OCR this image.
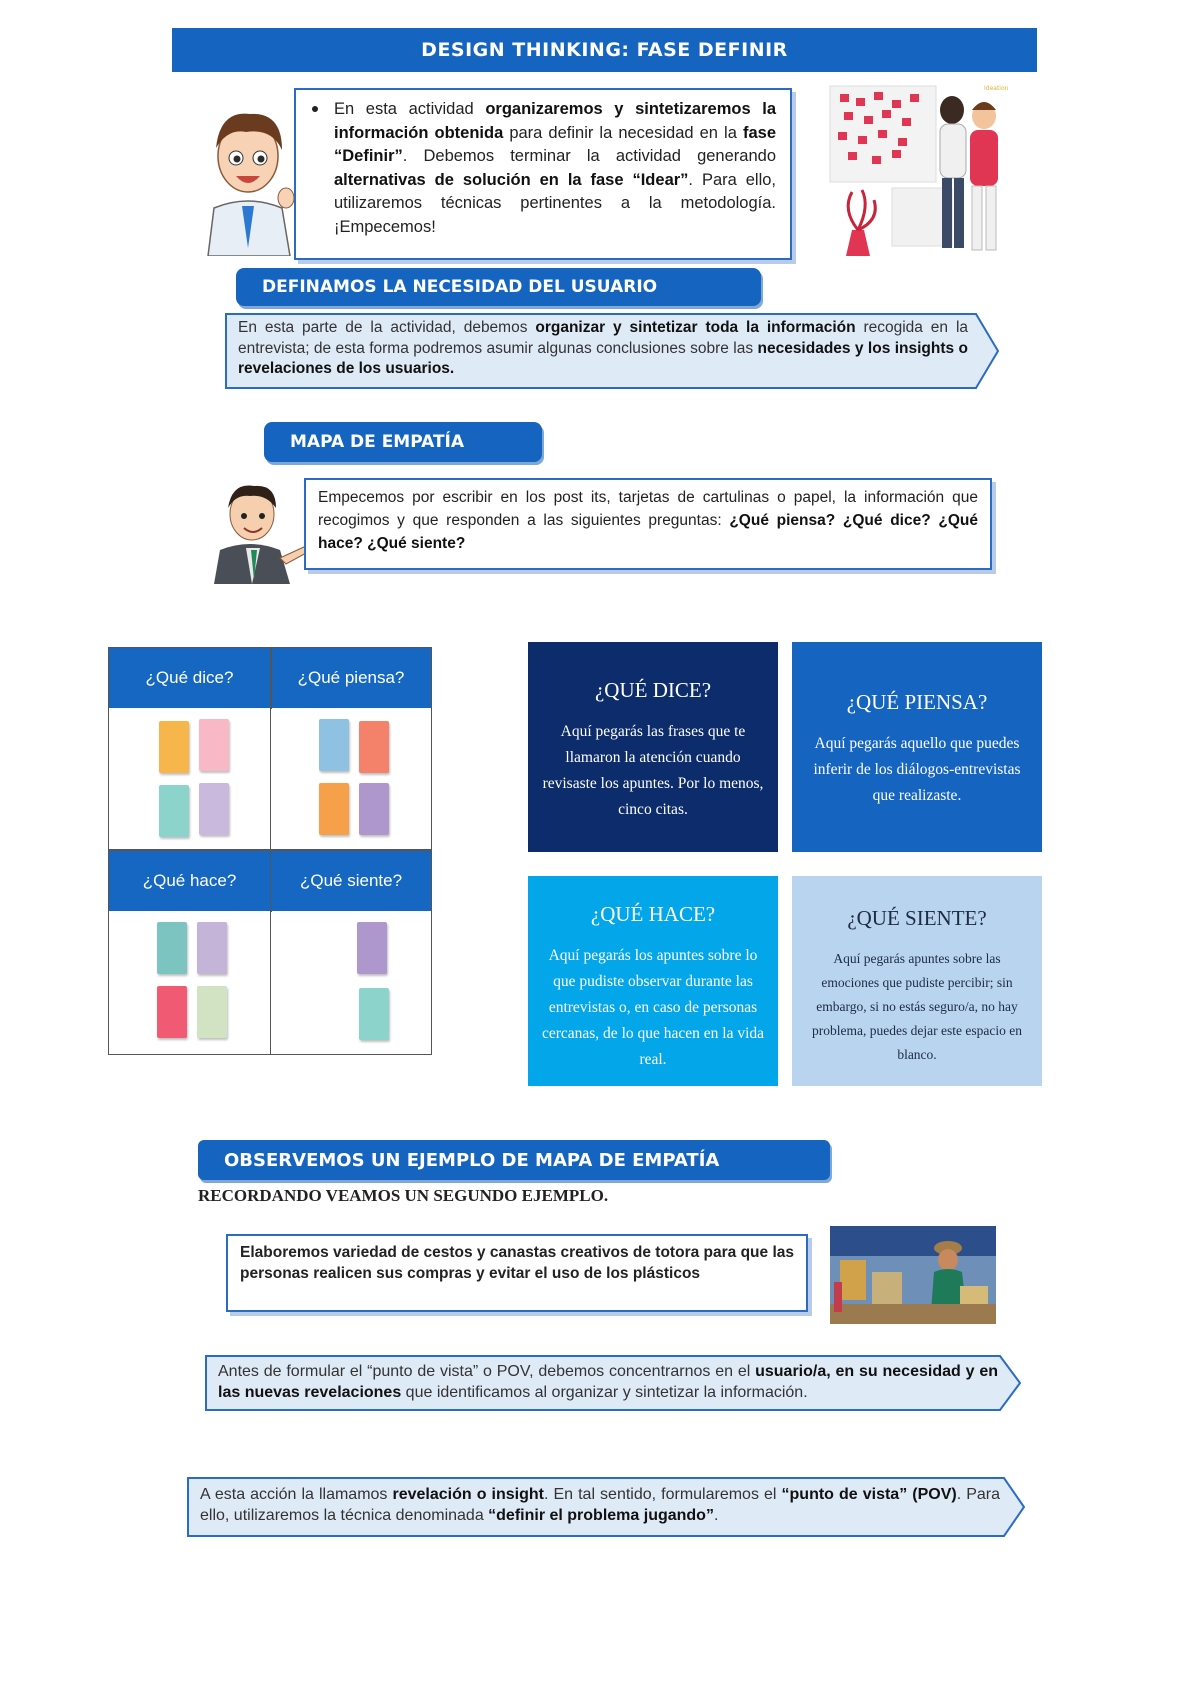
DESIGN THINKING: FASE DEFINIR
En esta actividad organizaremos y sintetizaremos la información obtenida para definir la necesidad en la fase “Definir”. Debemos terminar la actividad generando alternativas de solución en la fase “Idear”. Para ello, utilizaremos técnicas pertinentes a la metodología. ¡Empecemos!
Ideation
DEFINAMOS LA NECESIDAD DEL USUARIO
En esta parte de la actividad, debemos organizar y sintetizar toda la información recogida en la entrevista; de esta forma podremos asumir algunas conclusiones sobre las necesidades y los insights o revelaciones de los usuarios.
MAPA DE EMPATÍA
Empecemos por escribir en los post its, tarjetas de cartulinas o papel, la información que recogimos y que responden a las siguientes preguntas: ¿Qué piensa? ¿Qué dice? ¿Qué hace? ¿Qué siente?
¿Qué dice?	¿Qué piensa?
¿Qué hace?	¿Qué siente?
¿QUÉ DICE?
Aquí pegarás las frases que te llamaron la atención cuando revisaste los apuntes. Por lo menos, cinco citas.
¿QUÉ PIENSA?
Aquí pegarás aquello que puedes inferir de los diálogos-entrevistas que realizaste.
¿QUÉ HACE?
Aquí pegarás los apuntes sobre lo que pudiste observar durante las entrevistas o, en caso de personas cercanas, de lo que hacen en la vida real.
¿QUÉ SIENTE?
Aquí pegarás apuntes sobre las emociones que pudiste percibir; sin embargo, si no estás seguro/a, no hay problema, puedes dejar este espacio en blanco.
OBSERVEMOS UN EJEMPLO DE MAPA DE EMPATÍA
RECORDANDO VEAMOS UN SEGUNDO EJEMPLO.
Elaboremos variedad de cestos y canastas creativos de totora para que las personas realicen sus compras y evitar el uso de los plásticos
Antes de formular el “punto de vista” o POV, debemos concentrarnos en el usuario/a, en su necesidad y en las nuevas revelaciones que identificamos al organizar y sintetizar la información.
A esta acción la llamamos revelación o insight. En tal sentido, formularemos el “punto de vista” (POV). Para ello, utilizaremos la técnica denominada “definir el problema jugando”.
